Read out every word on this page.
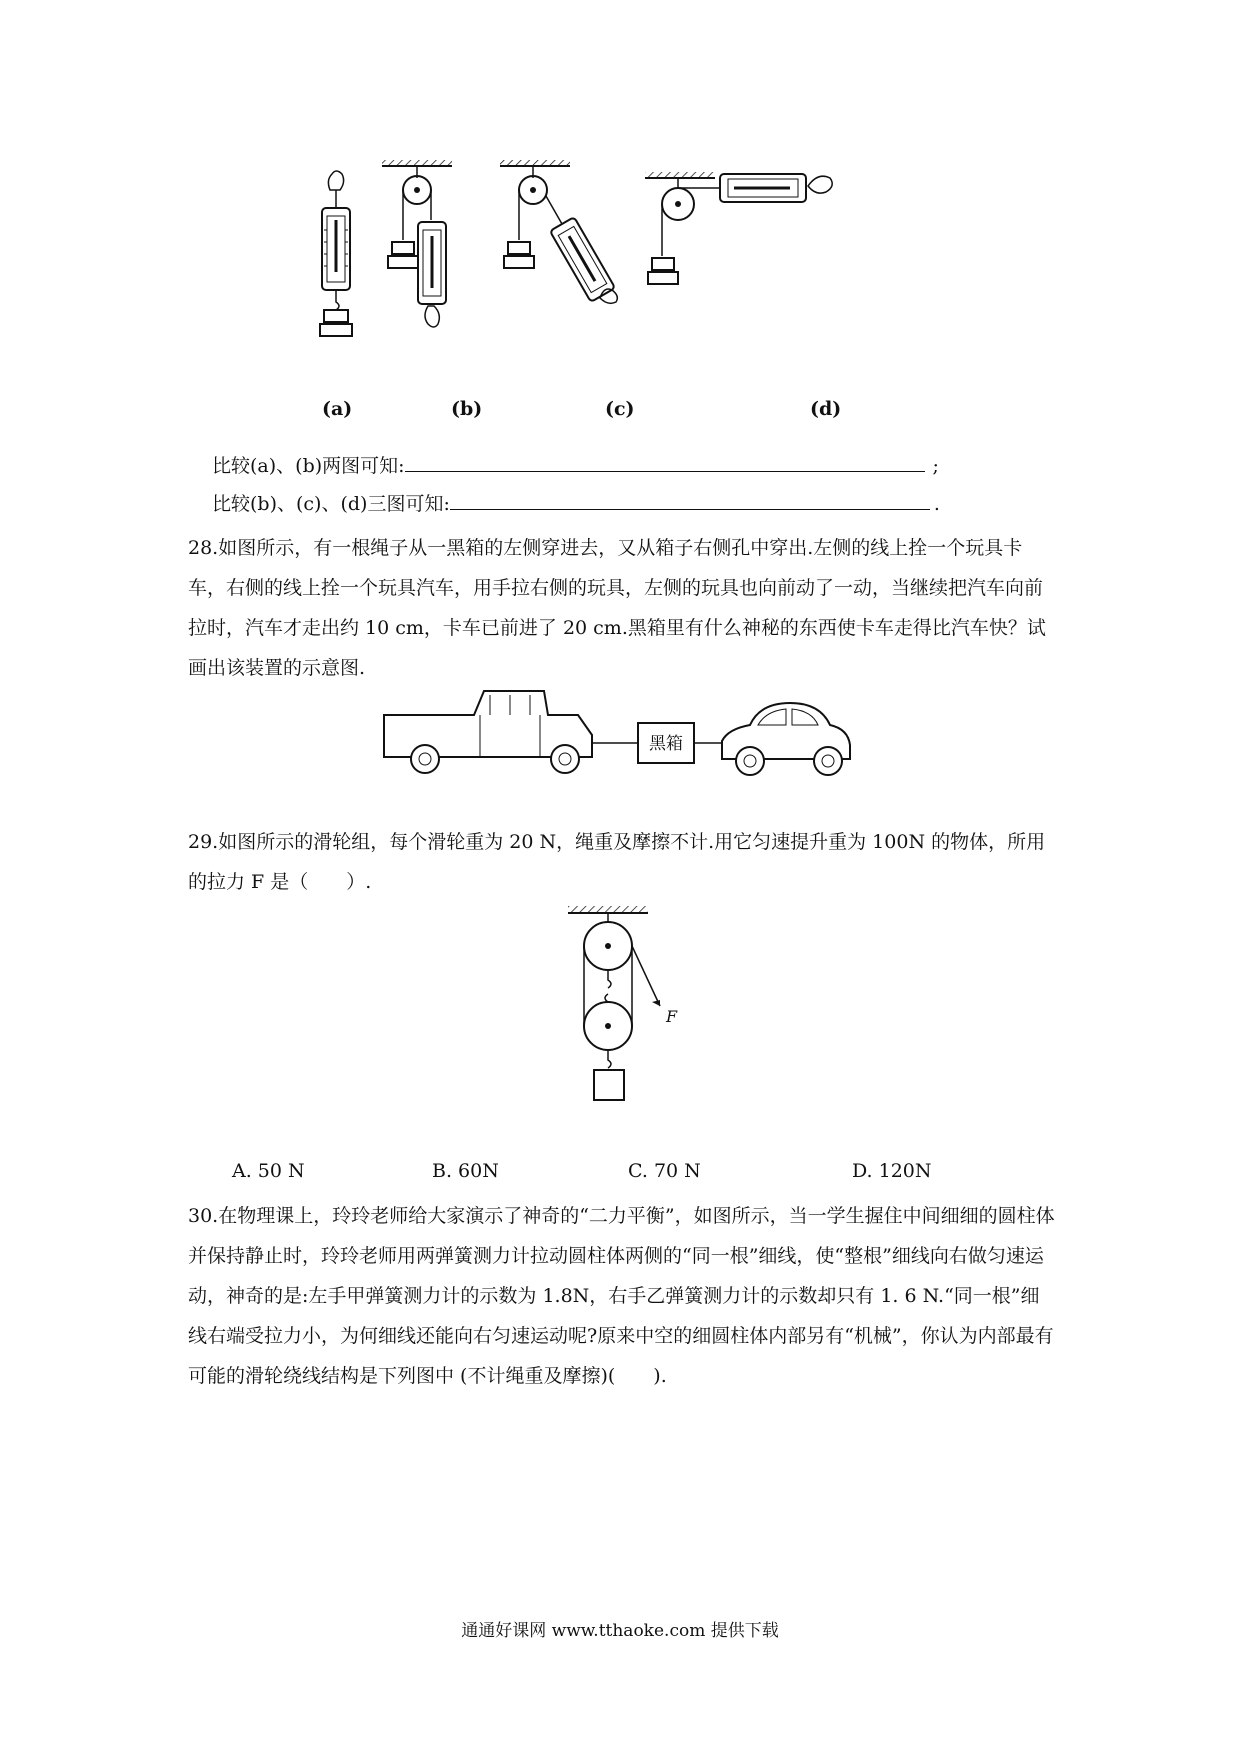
(a)	(b)	(c)	(d)
比较(a)、(b)两图可知:	;
比较(b)、(c)、(d)三图可知:	.
28.如图所示，有一根绳子从一黑箱的左侧穿进去，又从箱子右侧孔中穿出.左侧的线上拴一个玩具卡车，右侧的线上拴一个玩具汽车，用手拉右侧的玩具，左侧的玩具也向前动了一动，当继续把汽车向前拉时，汽车才走出约 10 cm，卡车已前进了 20 cm.黑箱里有什么神秘的东西使卡车走得比汽车快？试画出该装置的示意图.
黑箱
29.如图所示的滑轮组，每个滑轮重为 20 N，绳重及摩擦不计.用它匀速提升重为 100N 的物体，所用的拉力 F 是（　　）.
F
A. 50 N	B. 60N	C. 70 N	D. 120N
30.在物理课上，玲玲老师给大家演示了神奇的“二力平衡”，如图所示，当一学生握住中间细细的圆柱体并保持静止时，玲玲老师用两弹簧测力计拉动圆柱体两侧的“同一根”细线，使“整根”细线向右做匀速运动，神奇的是:左手甲弹簧测力计的示数为 1.8N，右手乙弹簧测力计的示数却只有 1. 6 N.“同一根”细线右端受拉力小，为何细线还能向右匀速运动呢?原来中空的细圆柱体内部另有“机械”，你认为内部最有可能的滑轮绕线结构是下列图中 (不计绳重及摩擦)(　　).
通通好课网 www.tthaoke.com 提供下载
